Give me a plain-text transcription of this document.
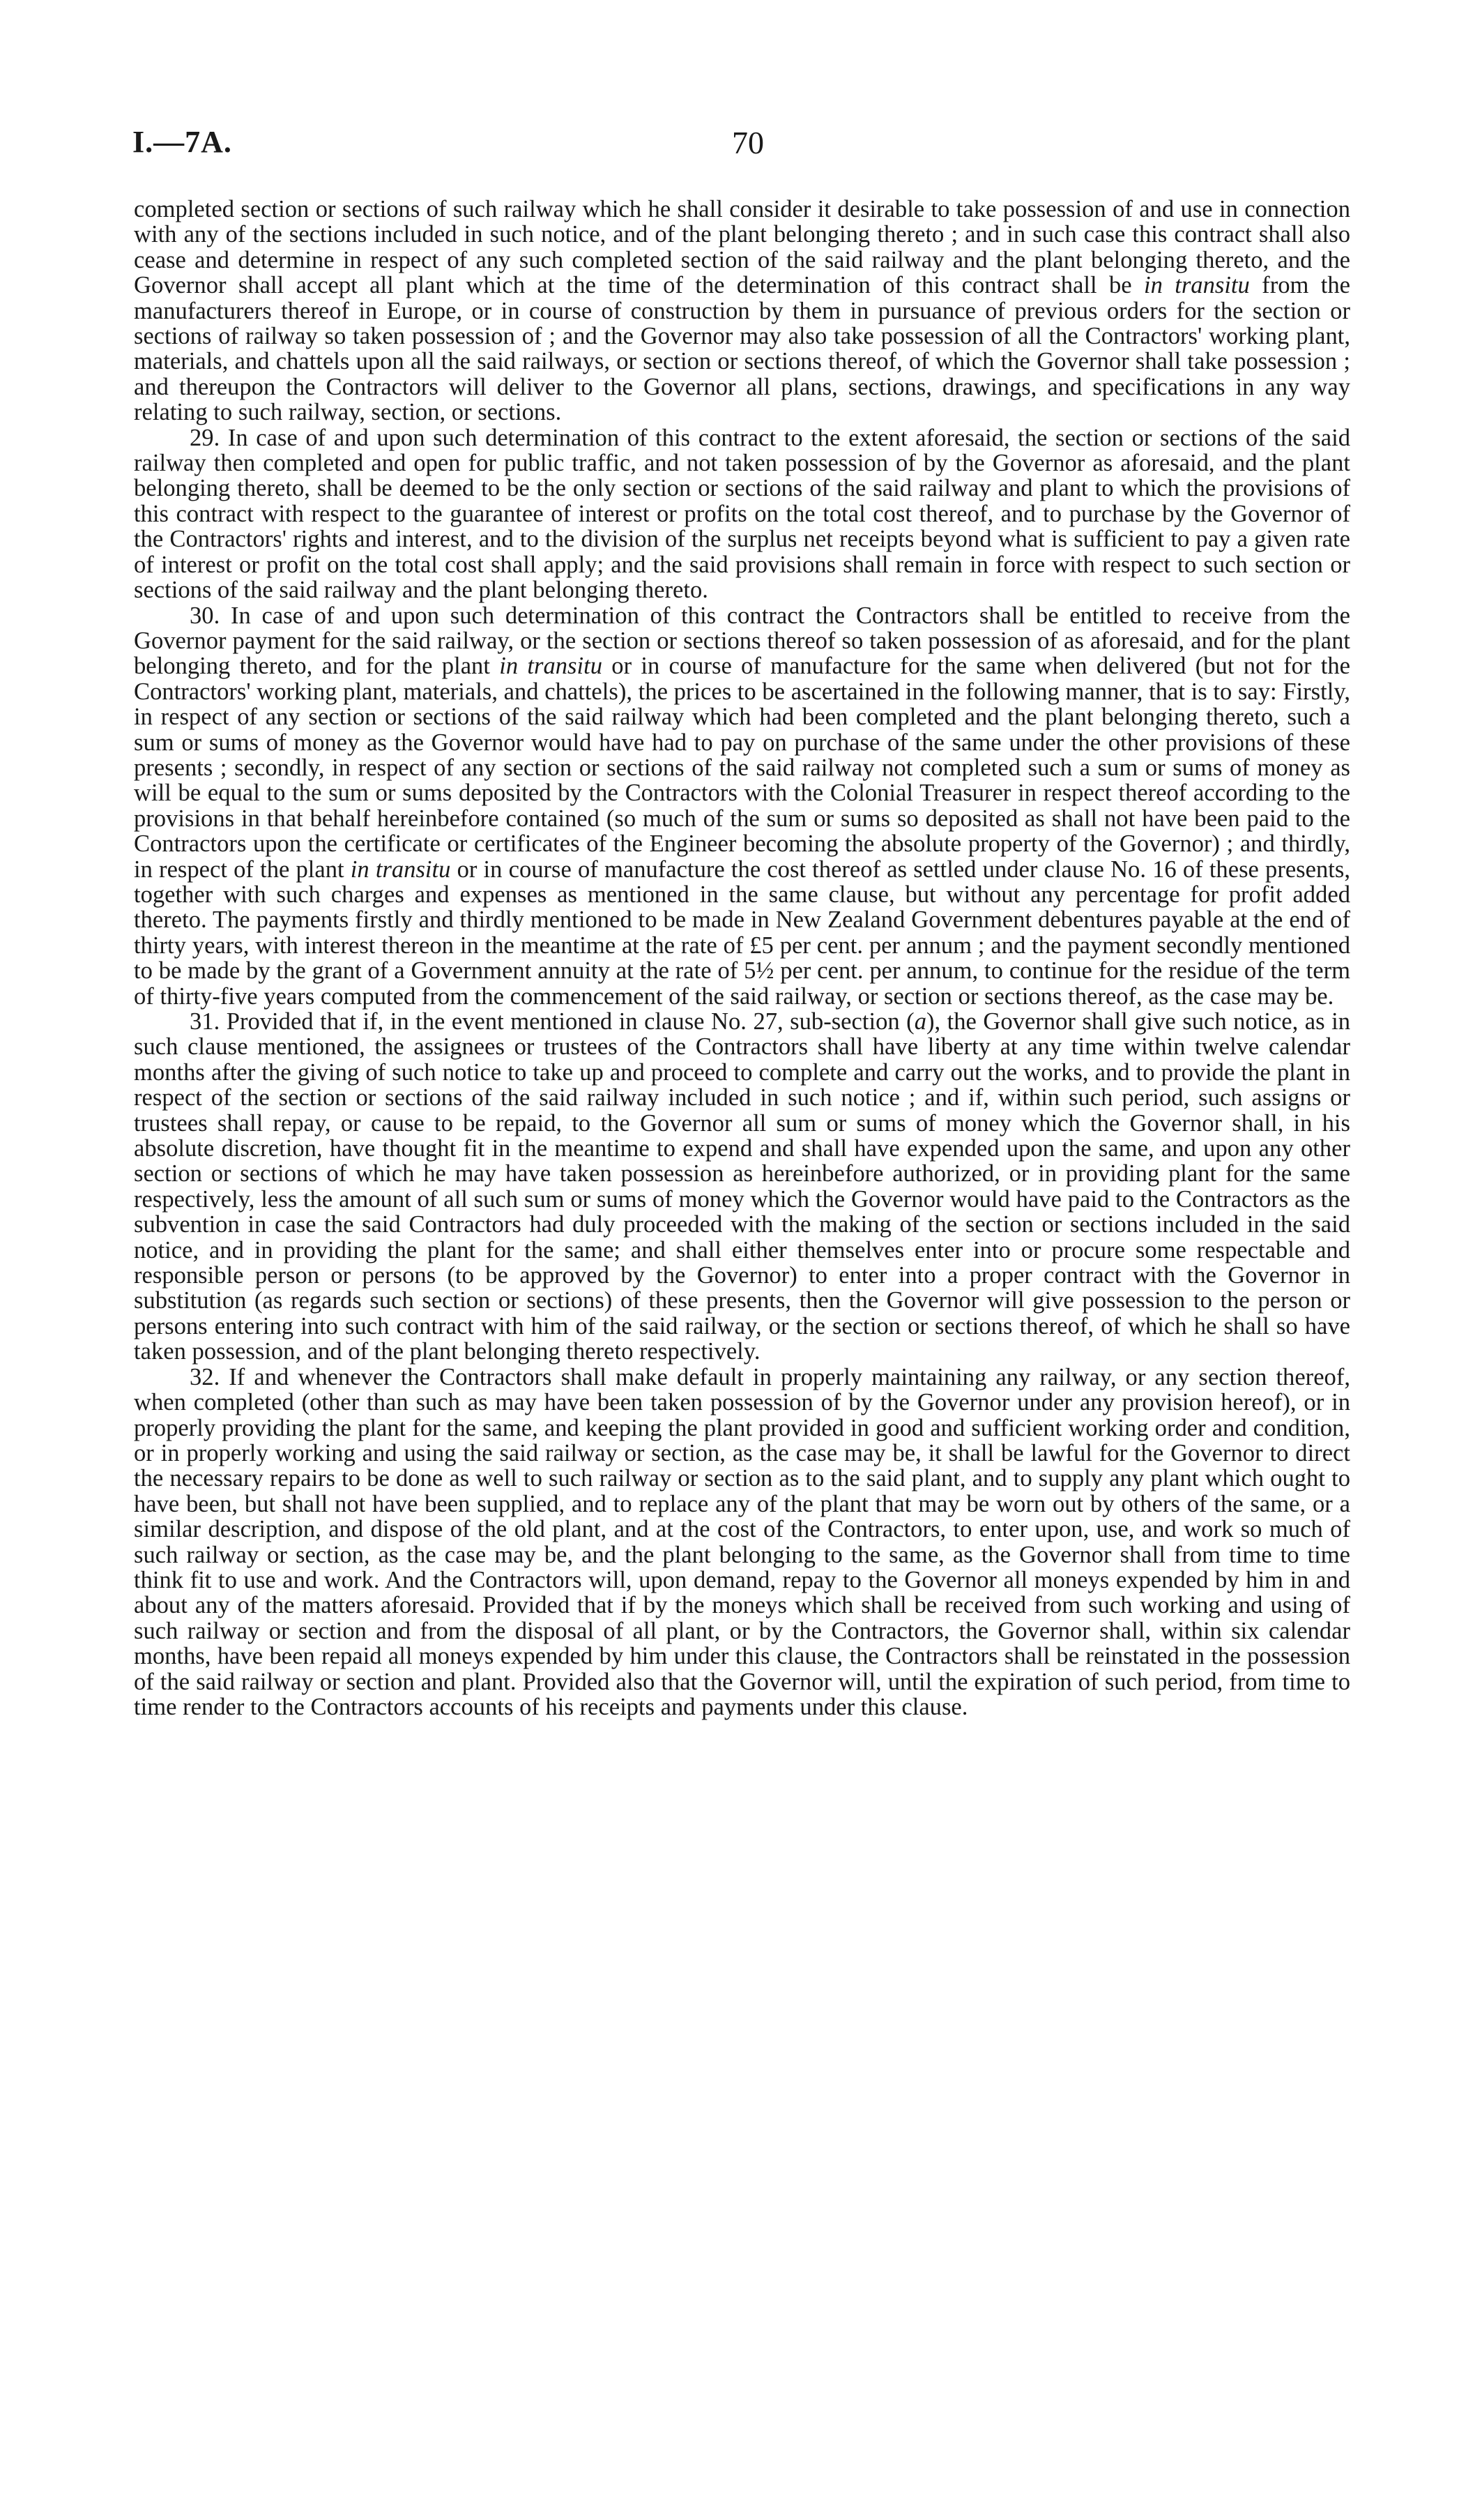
I.—7A.	70

completed section or sections of such railway which he shall consider it desirable to take possession of and use in connection with any of the sections included in such notice, and of the plant belonging thereto ; and in such case this contract shall also cease and determine in respect of any such completed section of the said railway and the plant belonging thereto, and the Governor shall accept all plant which at the time of the determination of this contract shall be in transitu from the manufacturers thereof in Europe, or in course of construction by them in pursuance of previous orders for the section or sections of railway so taken possession of ; and the Governor may also take possession of all the Contractors' working plant, materials, and chattels upon all the said railways, or section or sections thereof, of which the Governor shall take possession ; and thereupon the Contractors will deliver to the Governor all plans, sections, drawings, and specifications in any way relating to such railway, section, or sections.

29. In case of and upon such determination of this contract to the extent aforesaid, the section or sections of the said railway then completed and open for public traffic, and not taken possession of by the Governor as aforesaid, and the plant belonging thereto, shall be deemed to be the only section or sections of the said railway and plant to which the provisions of this contract with respect to the guarantee of interest or profits on the total cost thereof, and to purchase by the Governor of the Contractors' rights and interest, and to the division of the surplus net receipts beyond what is sufficient to pay a given rate of interest or profit on the total cost shall apply; and the said provisions shall remain in force with respect to such section or sections of the said railway and the plant belonging thereto.

30. In case of and upon such determination of this contract the Contractors shall be entitled to receive from the Governor payment for the said railway, or the section or sections thereof so taken possession of as aforesaid, and for the plant belonging thereto, and for the plant in transitu or in course of manufacture for the same when delivered (but not for the Contractors' working plant, materials, and chattels), the prices to be ascertained in the following manner, that is to say: Firstly, in respect of any section or sections of the said railway which had been completed and the plant belonging thereto, such a sum or sums of money as the Governor would have had to pay on purchase of the same under the other provisions of these presents ; secondly, in respect of any section or sections of the said railway not completed such a sum or sums of money as will be equal to the sum or sums deposited by the Contractors with the Colonial Treasurer in respect thereof according to the provisions in that behalf hereinbefore contained (so much of the sum or sums so deposited as shall not have been paid to the Contractors upon the certificate or certificates of the Engineer becoming the absolute property of the Governor) ; and thirdly, in respect of the plant in transitu or in course of manufacture the cost thereof as settled under clause No. 16 of these presents, together with such charges and expenses as mentioned in the same clause, but without any percentage for profit added thereto. The payments firstly and thirdly mentioned to be made in New Zealand Government debentures payable at the end of thirty years, with interest thereon in the meantime at the rate of £5 per cent. per annum ; and the payment secondly mentioned to be made by the grant of a Government annuity at the rate of 5½ per cent. per annum, to continue for the residue of the term of thirty-five years computed from the commencement of the said railway, or section or sections thereof, as the case may be.

31. Provided that if, in the event mentioned in clause No. 27, sub-section (a), the Governor shall give such notice, as in such clause mentioned, the assignees or trustees of the Contractors shall have liberty at any time within twelve calendar months after the giving of such notice to take up and proceed to complete and carry out the works, and to provide the plant in respect of the section or sections of the said railway included in such notice ; and if, within such period, such assigns or trustees shall repay, or cause to be repaid, to the Governor all sum or sums of money which the Governor shall, in his absolute discretion, have thought fit in the meantime to expend and shall have expended upon the same, and upon any other section or sections of which he may have taken possession as hereinbefore authorized, or in providing plant for the same respectively, less the amount of all such sum or sums of money which the Governor would have paid to the Contractors as the subvention in case the said Contractors had duly proceeded with the making of the section or sections included in the said notice, and in providing the plant for the same; and shall either themselves enter into or procure some respectable and responsible person or persons (to be approved by the Governor) to enter into a proper contract with the Governor in substitution (as regards such section or sections) of these presents, then the Governor will give possession to the person or persons entering into such contract with him of the said railway, or the section or sections thereof, of which he shall so have taken possession, and of the plant belonging thereto respectively.

32. If and whenever the Contractors shall make default in properly maintaining any railway, or any section thereof, when completed (other than such as may have been taken possession of by the Governor under any provision hereof), or in properly providing the plant for the same, and keeping the plant provided in good and sufficient working order and condition, or in properly working and using the said railway or section, as the case may be, it shall be lawful for the Governor to direct the necessary repairs to be done as well to such railway or section as to the said plant, and to supply any plant which ought to have been, but shall not have been supplied, and to replace any of the plant that may be worn out by others of the same, or a similar description, and dispose of the old plant, and at the cost of the Contractors, to enter upon, use, and work so much of such railway or section, as the case may be, and the plant belonging to the same, as the Governor shall from time to time think fit to use and work. And the Contractors will, upon demand, repay to the Governor all moneys expended by him in and about any of the matters aforesaid. Provided that if by the moneys which shall be received from such working and using of such railway or section and from the disposal of all plant, or by the Contractors, the Governor shall, within six calendar months, have been repaid all moneys expended by him under this clause, the Contractors shall be reinstated in the possession of the said railway or section and plant. Provided also that the Governor will, until the expiration of such period, from time to time render to the Contractors accounts of his receipts and payments under this clause.
